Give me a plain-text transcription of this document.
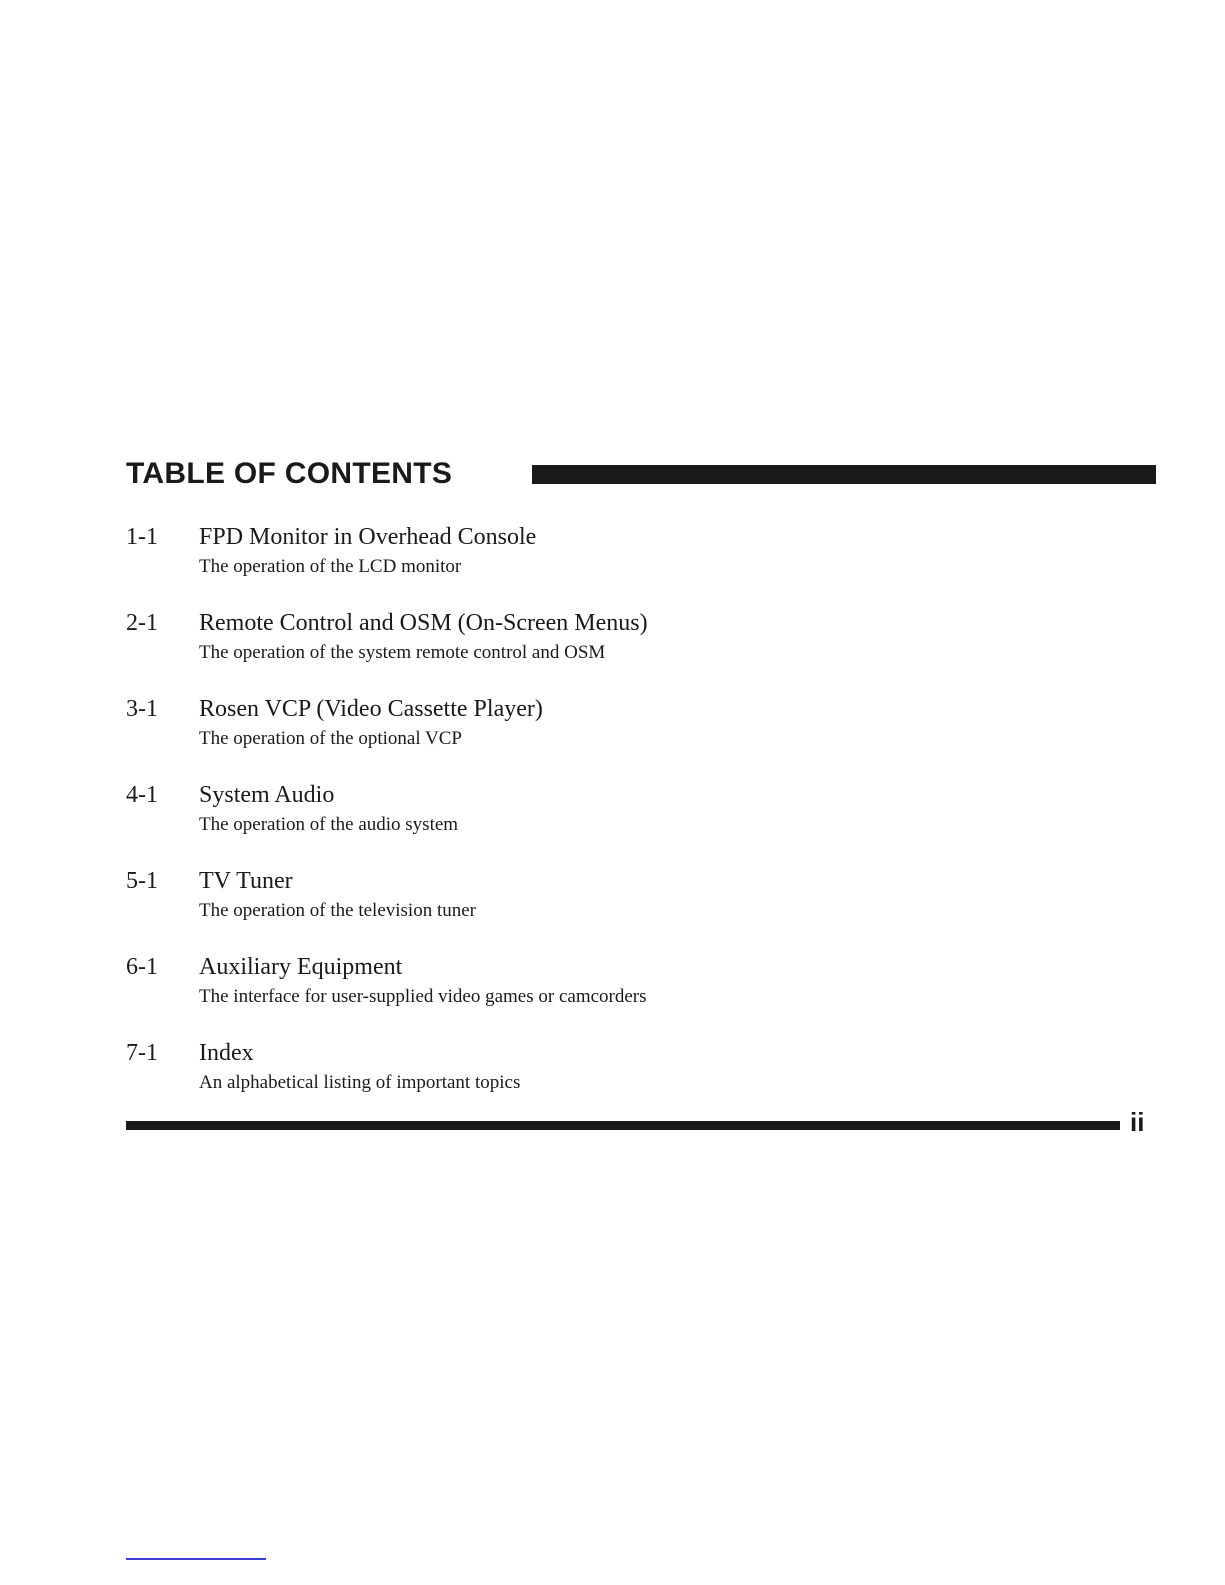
TABLE OF CONTENTS
1-1 FPD Monitor in Overhead Console
The operation of the LCD monitor
2-1 Remote Control and OSM (On-Screen Menus)
The operation of the system remote control and OSM
3-1 Rosen VCP (Video Cassette Player)
The operation of the optional VCP
4-1 System Audio
The operation of the audio system
5-1 TV Tuner
The operation of the television tuner
6-1 Auxiliary Equipment
The interface for user-supplied video games or camcorders
7-1 Index
An alphabetical listing of important topics
ii
